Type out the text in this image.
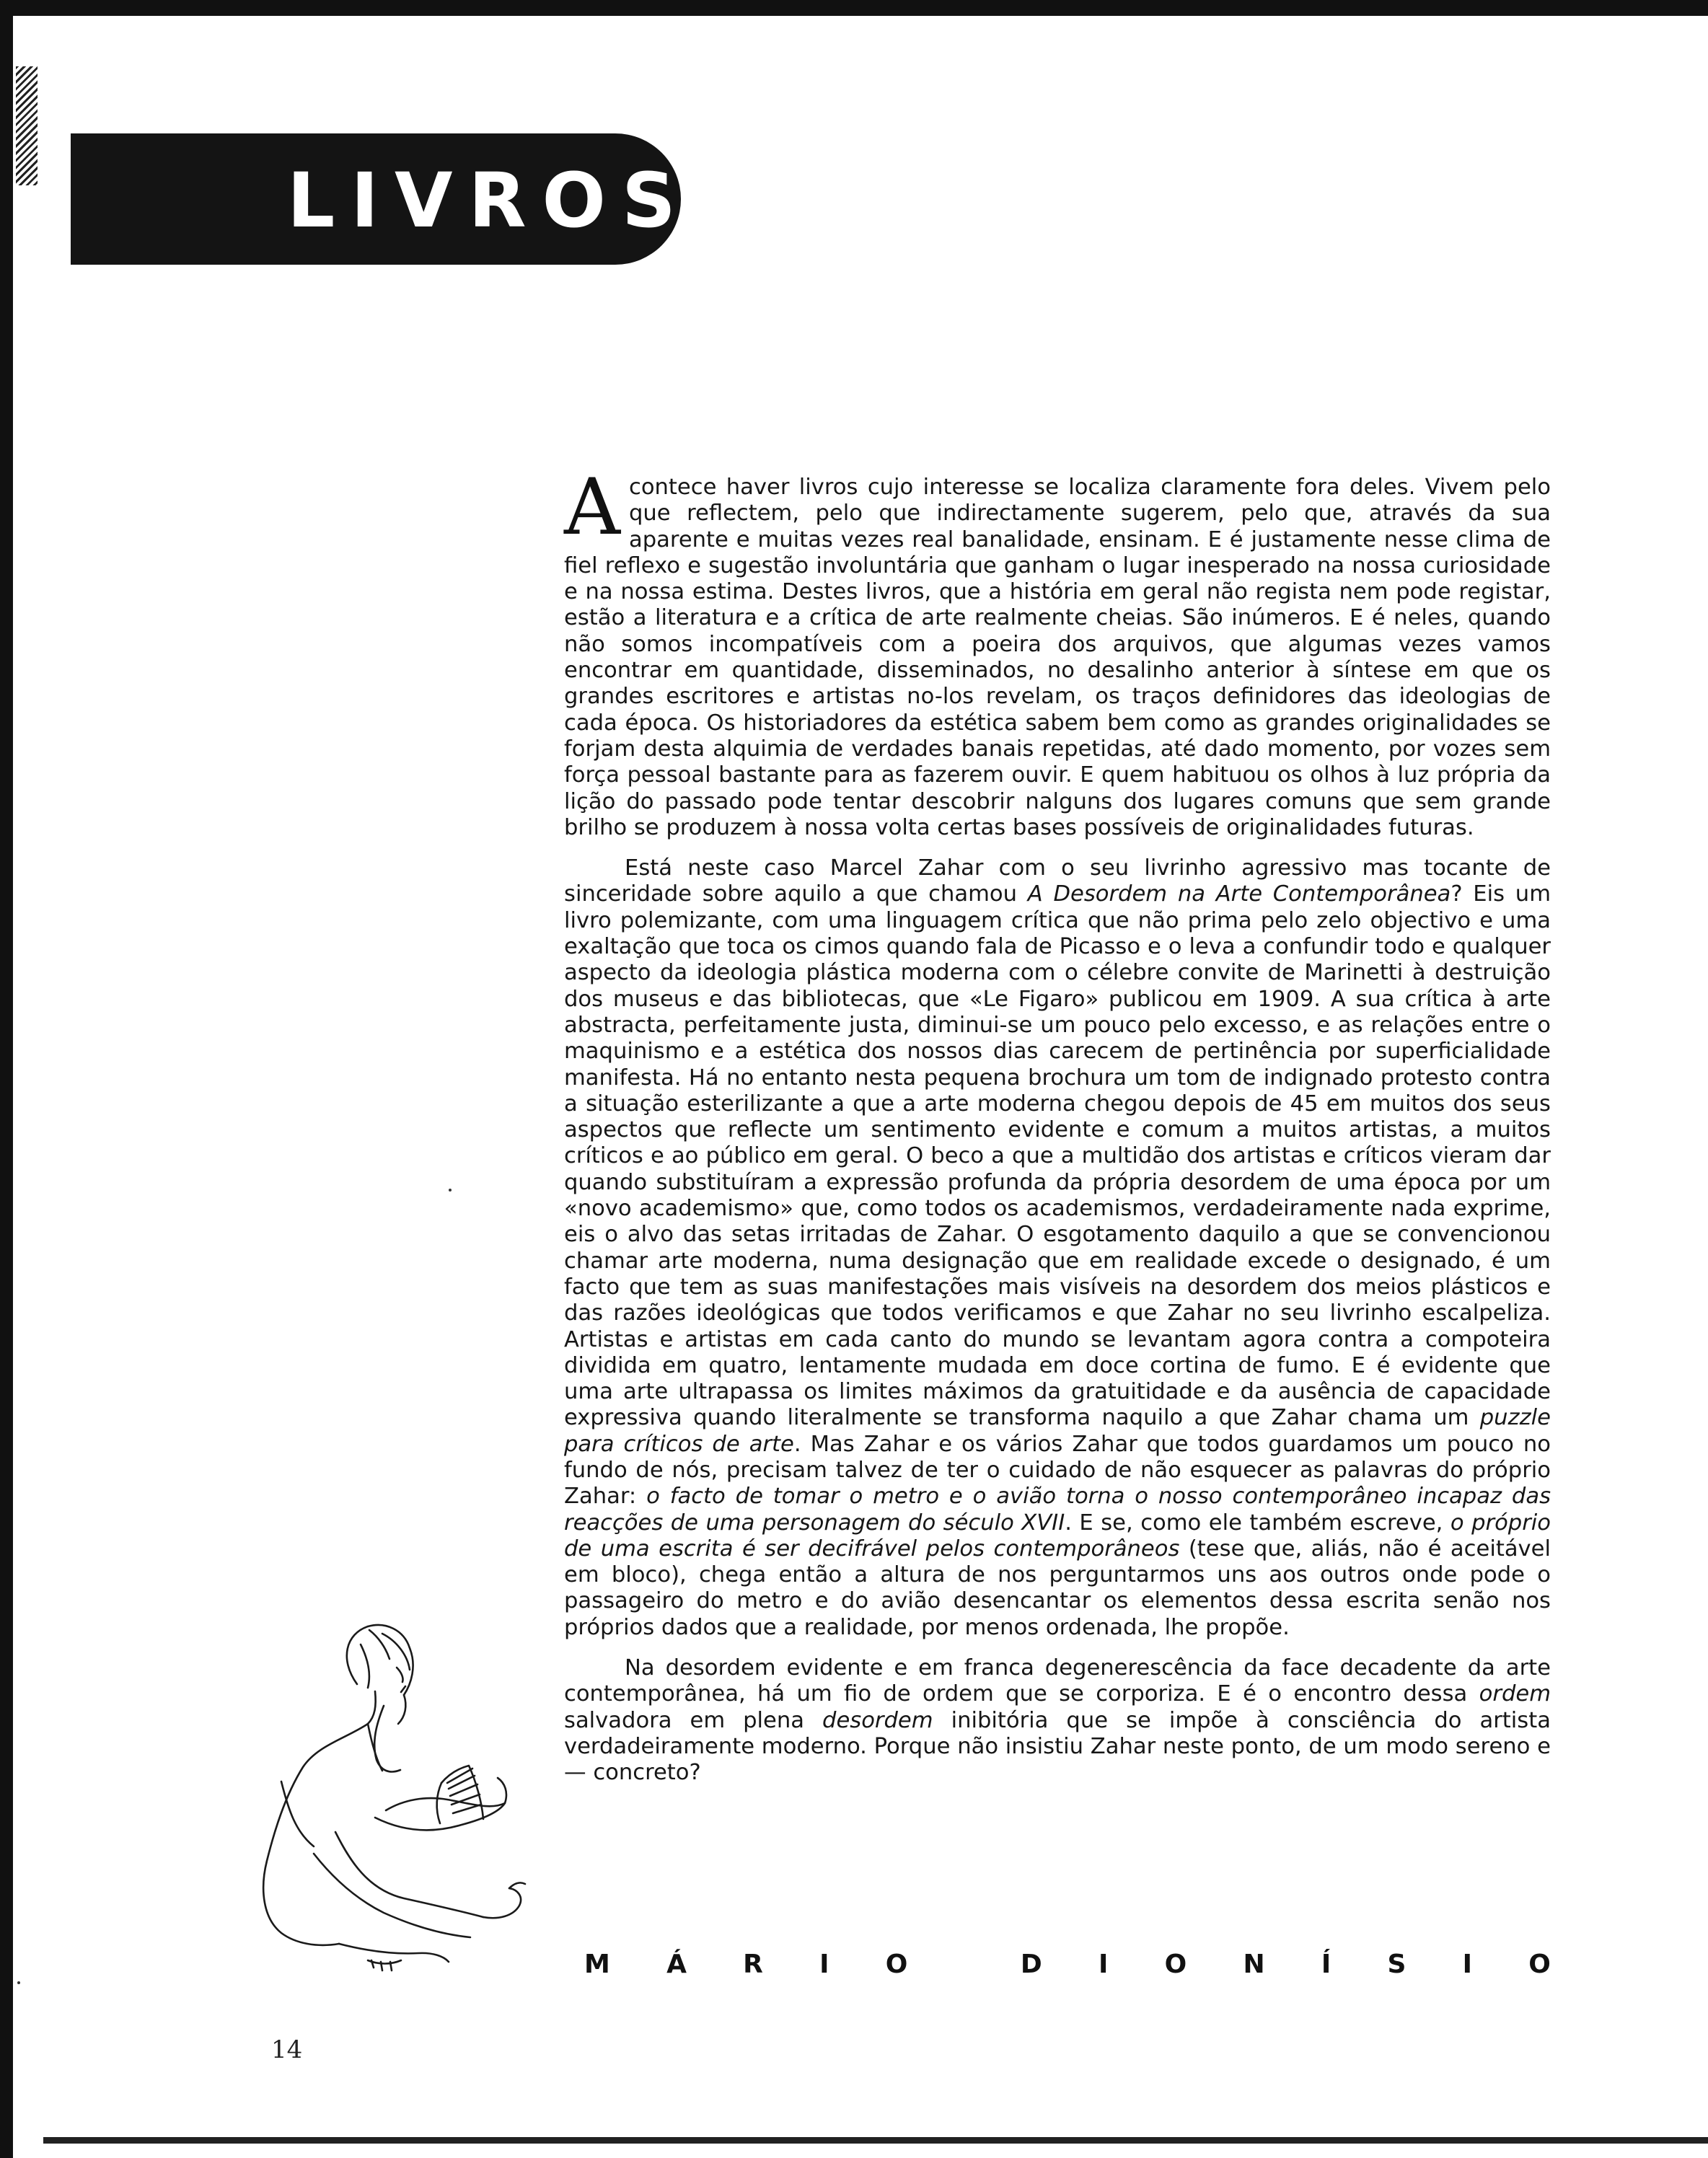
LIVROS

Acontece haver livros cujo interesse se localiza claramente fora deles. Vivem pelo que reflectem, pelo que indirectamente sugerem, pelo que, através da sua aparente e muitas vezes real banalidade, ensinam. E é justamente nesse clima de fiel reflexo e sugestão involuntária que ganham o lugar inesperado na nossa curiosidade e na nossa estima. Destes livros, que a história em geral não regista nem pode registar, estão a literatura e a crítica de arte realmente cheias. São inúmeros. E é neles, quando não somos incompatíveis com a poeira dos arquivos, que algumas vezes vamos encontrar em quantidade, disseminados, no desalinho anterior à síntese em que os grandes escritores e artistas no-los revelam, os traços definidores das ideologias de cada época. Os historiadores da estética sabem bem como as grandes originalidades se forjam desta alquimia de verdades banais repetidas, até dado momento, por vozes sem força pessoal bastante para as fazerem ouvir. E quem habituou os olhos à luz própria da lição do passado pode tentar descobrir nalguns dos lugares comuns que sem grande brilho se produzem à nossa volta certas bases possíveis de originalidades futuras.

Está neste caso Marcel Zahar com o seu livrinho agressivo mas tocante de sinceridade sobre aquilo a que chamou A Desordem na Arte Contemporânea? Eis um livro polemizante, com uma linguagem crítica que não prima pelo zelo objectivo e uma exaltação que toca os cimos quando fala de Picasso e o leva a confundir todo e qualquer aspecto da ideologia plástica moderna com o célebre convite de Marinetti à destruição dos museus e das bibliotecas, que «Le Figaro» publicou em 1909. A sua crítica à arte abstracta, perfeitamente justa, diminui-se um pouco pelo excesso, e as relações entre o maquinismo e a estética dos nossos dias carecem de pertinência por superficialidade manifesta. Há no entanto nesta pequena brochura um tom de indignado protesto contra a situação esterilizante a que a arte moderna chegou depois de 45 em muitos dos seus aspectos que reflecte um sentimento evidente e comum a muitos artistas, a muitos críticos e ao público em geral. O beco a que a multidão dos artistas e críticos vieram dar quando substituíram a expressão profunda da própria desordem de uma época por um «novo academismo» que, como todos os academismos, verdadeiramente nada exprime, eis o alvo das setas irritadas de Zahar. O esgotamento daquilo a que se convencionou chamar arte moderna, numa designação que em realidade excede o designado, é um facto que tem as suas manifestações mais visíveis na desordem dos meios plásticos e das razões ideológicas que todos verificamos e que Zahar no seu livrinho escalpeliza. Artistas e artistas em cada canto do mundo se levantam agora contra a compoteira dividida em quatro, lentamente mudada em doce cortina de fumo. E é evidente que uma arte ultrapassa os limites máximos da gratuitidade e da ausência de capacidade expressiva quando literalmente se transforma naquilo a que Zahar chama um puzzle para críticos de arte. Mas Zahar e os vários Zahar que todos guardamos um pouco no fundo de nós, precisam talvez de ter o cuidado de não esquecer as palavras do próprio Zahar: o facto de tomar o metro e o avião torna o nosso contemporâneo incapaz das reacções de uma personagem do século XVII. E se, como ele também escreve, o próprio de uma escrita é ser decifrável pelos contemporâneos (tese que, aliás, não é aceitável em bloco), chega então a altura de nos perguntarmos uns aos outros onde pode o passageiro do metro e do avião desencantar os elementos dessa escrita senão nos próprios dados que a realidade, por menos ordenada, lhe propõe.

Na desordem evidente e em franca degenerescência da face decadente da arte contemporânea, há um fio de ordem que se corporiza. E é o encontro dessa ordem salvadora em plena desordem inibitória que se impõe à consciência do artista verdadeiramente moderno. Porque não insistiu Zahar neste ponto, de um modo sereno e — concreto?

M Á R I O	D I O N Í S I O
14
